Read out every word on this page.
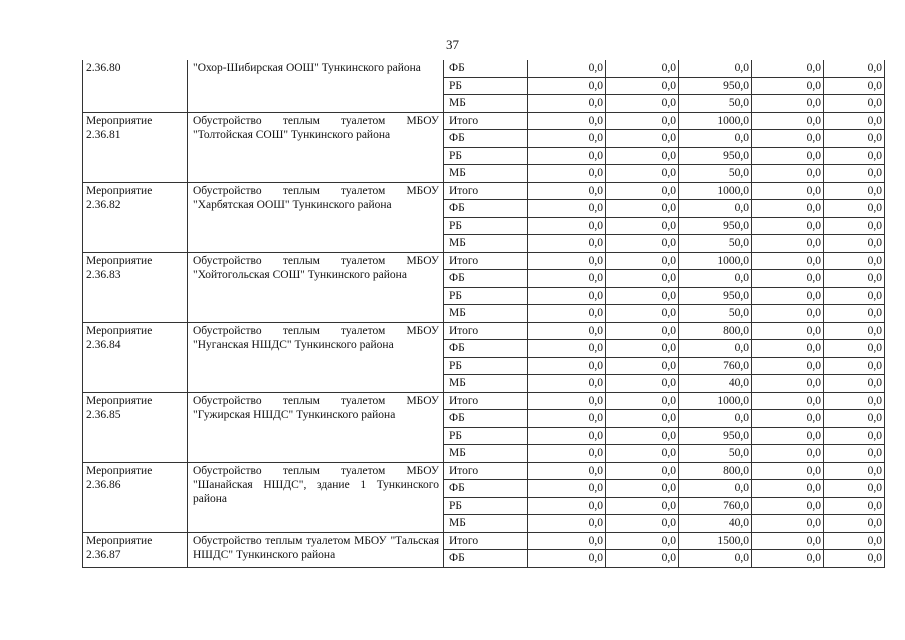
37
2.36.80	"Охор-Шибирская ООШ" Тункинского района	ФБ	0,0	0,0	0,0	0,0	0,0
		РБ	0,0	0,0	950,0	0,0	0,0
		МБ	0,0	0,0	50,0	0,0	0,0
Мероприятие 2.36.81	Обустройство теплым туалетом МБОУ "Толтойская СОШ" Тункинского района	Итого	0,0	0,0	1000,0	0,0	0,0
		ФБ	0,0	0,0	0,0	0,0	0,0
		РБ	0,0	0,0	950,0	0,0	0,0
		МБ	0,0	0,0	50,0	0,0	0,0
Мероприятие 2.36.82	Обустройство теплым туалетом МБОУ "Харбятская ООШ" Тункинского района	Итого	0,0	0,0	1000,0	0,0	0,0
		ФБ	0,0	0,0	0,0	0,0	0,0
		РБ	0,0	0,0	950,0	0,0	0,0
		МБ	0,0	0,0	50,0	0,0	0,0
Мероприятие 2.36.83	Обустройство теплым туалетом МБОУ "Хойтогольская СОШ" Тункинского района	Итого	0,0	0,0	1000,0	0,0	0,0
		ФБ	0,0	0,0	0,0	0,0	0,0
		РБ	0,0	0,0	950,0	0,0	0,0
		МБ	0,0	0,0	50,0	0,0	0,0
Мероприятие 2.36.84	Обустройство теплым туалетом МБОУ "Нуганская НШДС" Тункинского района	Итого	0,0	0,0	800,0	0,0	0,0
		ФБ	0,0	0,0	0,0	0,0	0,0
		РБ	0,0	0,0	760,0	0,0	0,0
		МБ	0,0	0,0	40,0	0,0	0,0
Мероприятие 2.36.85	Обустройство теплым туалетом МБОУ "Гужирская НШДС" Тункинского района	Итого	0,0	0,0	1000,0	0,0	0,0
		ФБ	0,0	0,0	0,0	0,0	0,0
		РБ	0,0	0,0	950,0	0,0	0,0
		МБ	0,0	0,0	50,0	0,0	0,0
Мероприятие 2.36.86	Обустройство теплым туалетом МБОУ "Шанайская НШДС", здание 1 Тункинского района	Итого	0,0	0,0	800,0	0,0	0,0
		ФБ	0,0	0,0	0,0	0,0	0,0
		РБ	0,0	0,0	760,0	0,0	0,0
		МБ	0,0	0,0	40,0	0,0	0,0
Мероприятие 2.36.87	Обустройство теплым туалетом МБОУ "Тальская НШДС" Тункинского района	Итого	0,0	0,0	1500,0	0,0	0,0
		ФБ	0,0	0,0	0,0	0,0	0,0
